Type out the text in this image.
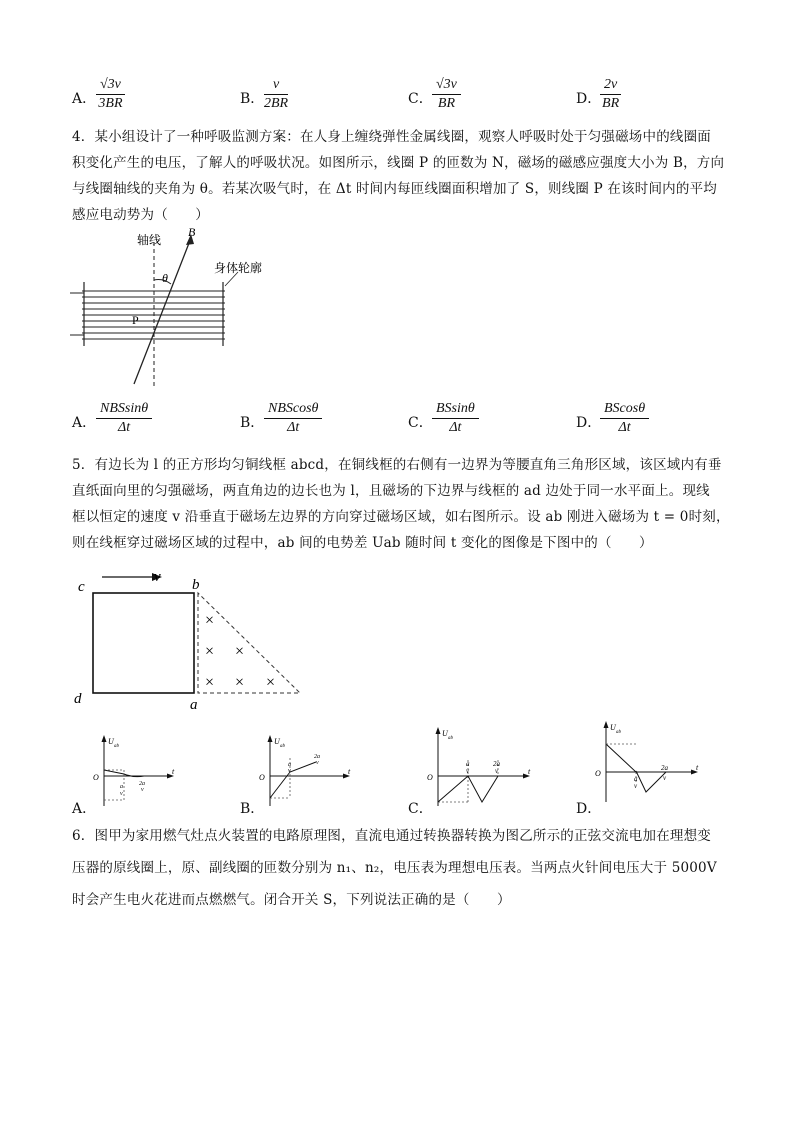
A． $\frac{√3v}{3BR}$	B． $\frac{v}{2BR}$	C． $\frac{√3v}{BR}$	D．
$\frac{2v}{BR}$
4．某小组设计了一种呼吸监测方案：在人身上缠绕弹性金属线圈，观察人呼吸时处于匀强磁场中的线圈面
积变化产生的电压，了解人的呼吸状况。如图所示，线圈 P 的匝数为 N，磁场的磁感应强度大小为 B，方向
与线圈轴线的夹角为 θ。若某次吸气时，在 Δt 时间内每匝线圈面积增加了 S，则线圈 P 在该时间内的平均
感应电动势为（　　）
轴线
B
θ
身体轮廓
P
A．
NBSsinθ
Δt	B．
NBScosθ
Δt	C． $\frac{BSsin\theta}{\Delta t}$	D．
$\frac{BScos\theta}{\Delta t}$
5．有边长为 l 的正方形均匀铜线框 abcd，在铜线框的右侧有一边界为等腰直角三角形区域，该区域内有垂
直纸面向里的匀强磁场，两直角边的边长也为 l，且磁场的下边界与线框的 ad 边处于同一水平面上。现线
框以恒定的速度 v 沿垂直于磁场左边界的方向穿过磁场区域，如右图所示。设 ab 刚进入磁场为 t = 0时刻，
则在线框穿过磁场区域的过程中，ab 间的电势差 Uab 随时间 t 变化的图像是下图中的（　　）
×
× ×
× × ×
c
v b
d	a
U
ab
t
O
a
v
2a
v
U
ab
t
O
a
v
2a
v
U
ab
t
O
a
v
2a
v
U
ab
t
O
a
v
2a
v
A．	B．	C．	D．
6．图甲为家用燃气灶点火装置的电路原理图，直流电通过转换器转换为图乙所示的正弦交流电加在理想变
压器的原线圈上，原、副线圈的匝数分别为 n₁、n₂，电压表为理想电压表。当两点火针间电压大于 5000V
时会产生电火花进而点燃燃气。闭合开关 S，下列说法正确的是（　　）
